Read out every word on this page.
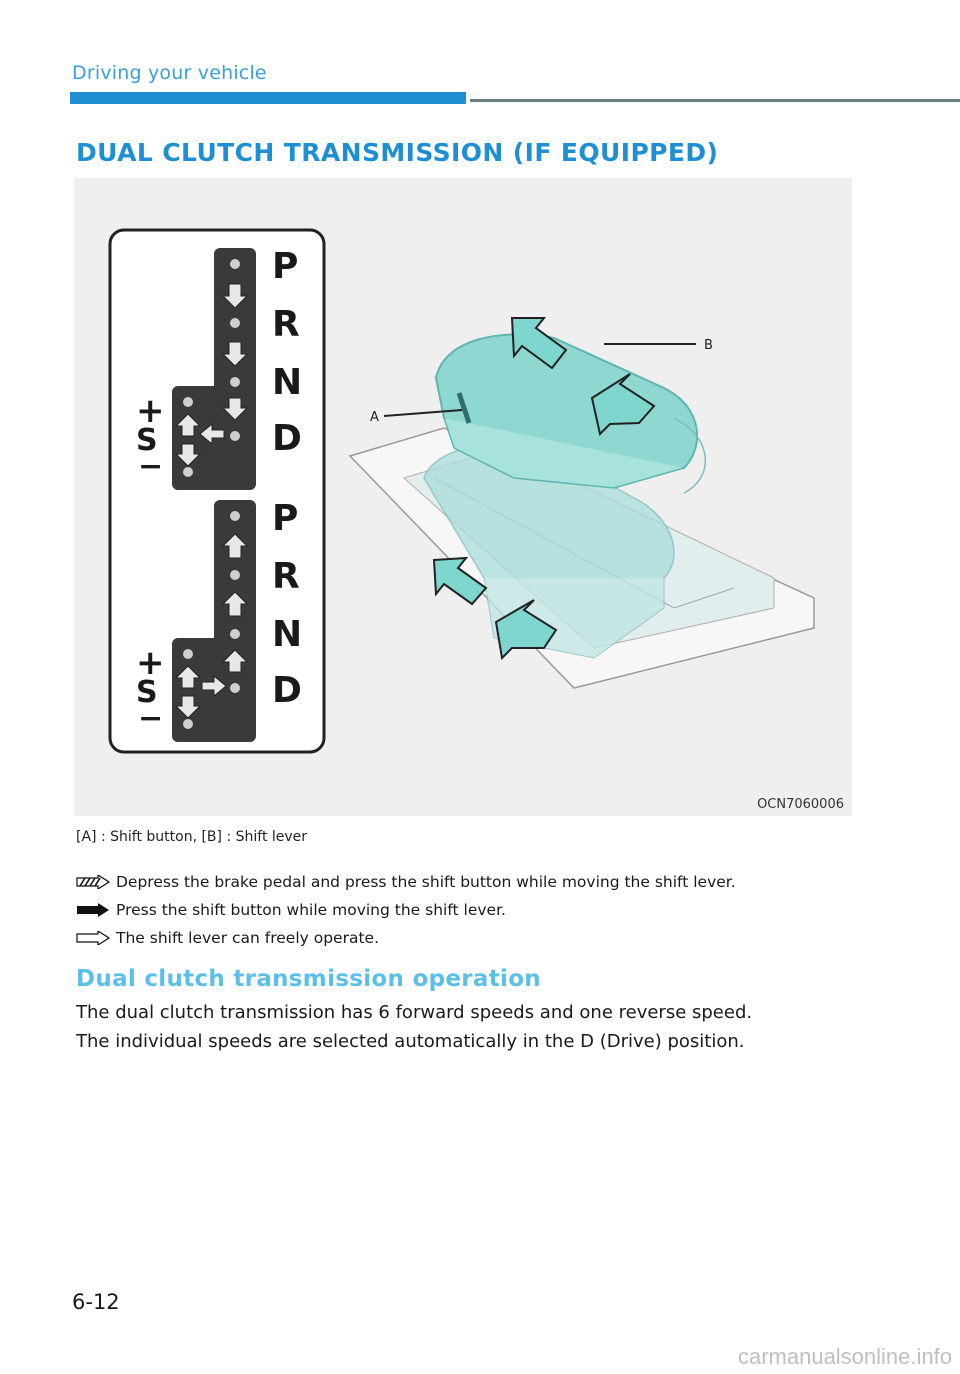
Driving your vehicle
DUAL CLUTCH TRANSMISSION (IF EQUIPPED)
P
R
N
D
+
S
−
P
R
N
D
+
S
−
A
B
OCN7060006
[A] : Shift button, [B] : Shift lever
Depress the brake pedal and press the shift button while moving the shift lever.
Press the shift button while moving the shift lever.
The shift lever can freely operate.
Dual clutch transmission operation
The dual clutch transmission has 6 forward speeds and one reverse speed.
The individual speeds are selected automatically in the D (Drive) position.
6-12
carmanualsonline.info
